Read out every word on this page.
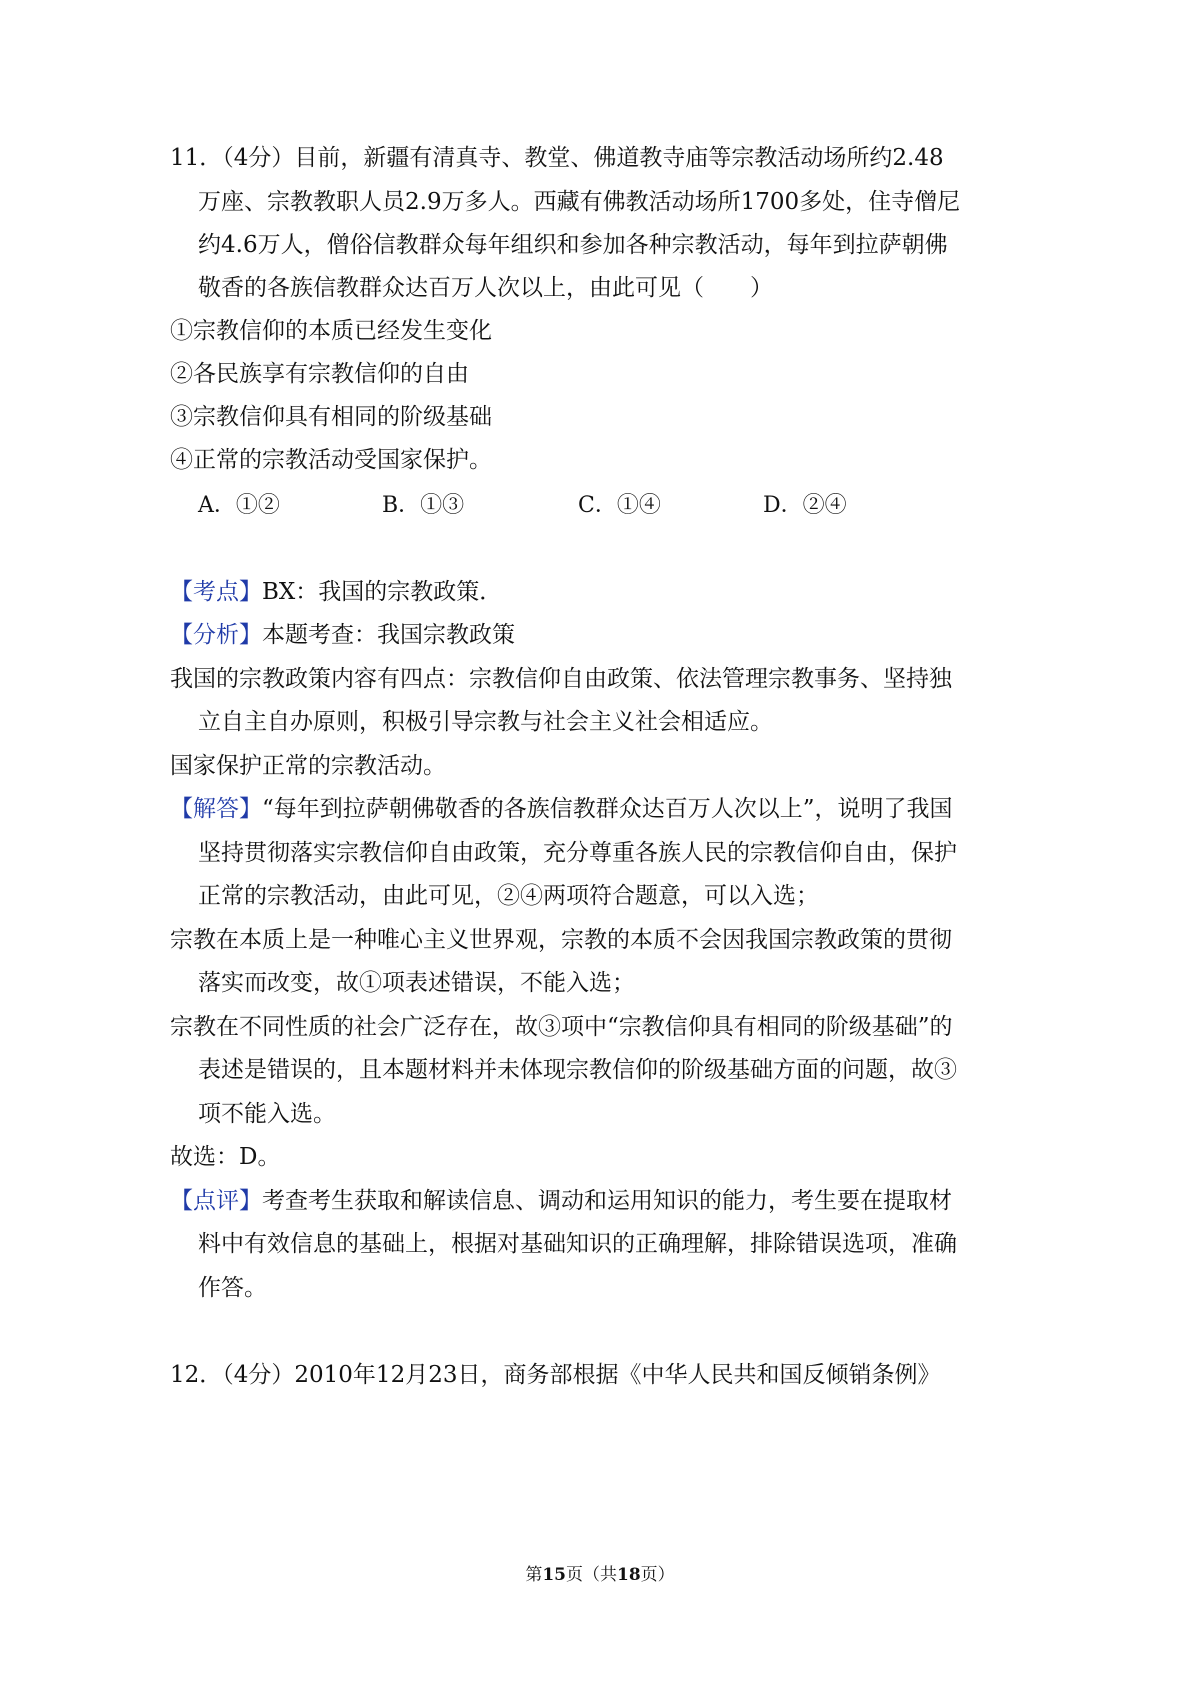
11．（4分）目前，新疆有清真寺、教堂、佛道教寺庙等宗教活动场所约2.48
万座、宗教教职人员2.9万多人。西藏有佛教活动场所1700多处，住寺僧尼
约4.6万人，僧俗信教群众每年组织和参加各种宗教活动，每年到拉萨朝佛
敬香的各族信教群众达百万人次以上，由此可见（　　）
①宗教信仰的本质已经发生变化
②各民族享有宗教信仰的自由
③宗教信仰具有相同的阶级基础
④正常的宗教活动受国家保护。
A．①②	B．①③	C．①④	D．②④
【考点】BX：我国的宗教政策．
【分析】本题考查：我国宗教政策
我国的宗教政策内容有四点：宗教信仰自由政策、依法管理宗教事务、坚持独
立自主自办原则，积极引导宗教与社会主义社会相适应。
国家保护正常的宗教活动。
【解答】“每年到拉萨朝佛敬香的各族信教群众达百万人次以上”，说明了我国
坚持贯彻落实宗教信仰自由政策，充分尊重各族人民的宗教信仰自由，保护
正常的宗教活动，由此可见，②④两项符合题意，可以入选；
宗教在本质上是一种唯心主义世界观，宗教的本质不会因我国宗教政策的贯彻
落实而改变，故①项表述错误，不能入选；
宗教在不同性质的社会广泛存在，故③项中“宗教信仰具有相同的阶级基础”的
表述是错误的，且本题材料并未体现宗教信仰的阶级基础方面的问题，故③
项不能入选。
故选：D。
【点评】考查考生获取和解读信息、调动和运用知识的能力，考生要在提取材
料中有效信息的基础上，根据对基础知识的正确理解，排除错误选项，准确
作答。
12．（4分）2010年12月23日，商务部根据《中华人民共和国反倾销条例》
第15页（共18页）
